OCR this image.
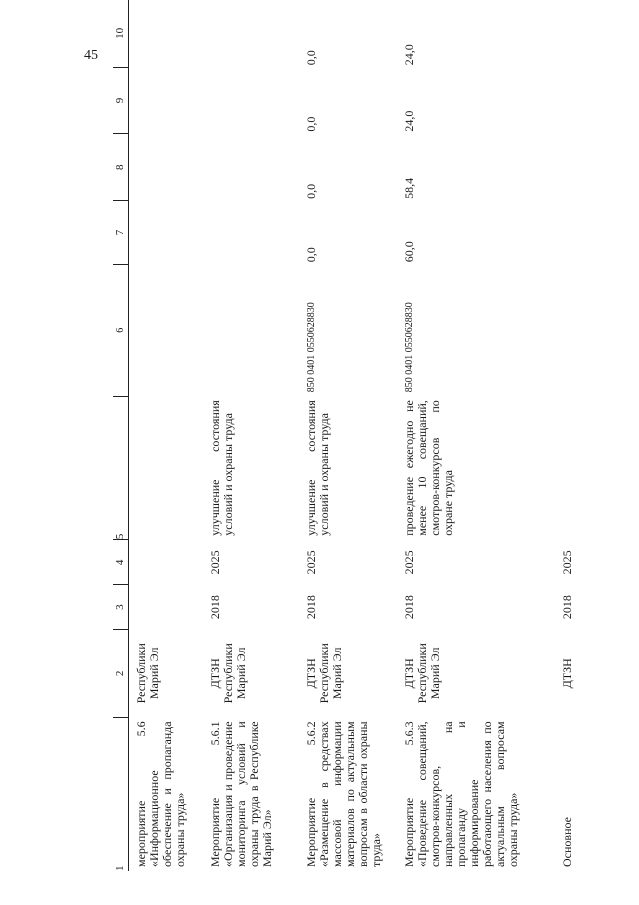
45
1	2	3	4	5	6	7	8	9	10
мероприятие 5.6 «Информационное обеспечение и пропаганда охраны труда»	Республики Марий Эл								
Мероприятие 5.6.1 «Организация и проведение мониторинга условий и охраны труда в Республике Марий Эл»	ДТЗН Республики Марий Эл	2018	2025	улучшение состояния условий и охраны труда					
Мероприятие 5.6.2 «Размещение в средствах массовой информации материалов по актуальным вопросам в области охраны труда»	ДТЗН Республики Марий Эл	2018	2025	улучшение состояния условий и охраны труда	850 0401 0550628830	0,0	0,0	0,0	0,0
Мероприятие 5.6.3 «Проведение совещаний, смотров-конкурсов, направленных на пропаганду и информирование работающего населения по актуальным вопросам охраны труда»	ДТЗН Республики Марий Эл	2018	2025	проведение ежегодно не менее 10 совещаний, смотров-конкурсов по охране труда	850 0401 0550628830	60,0	58,4	24,0	24,0
Основное	ДТЗН	2018	2025						
